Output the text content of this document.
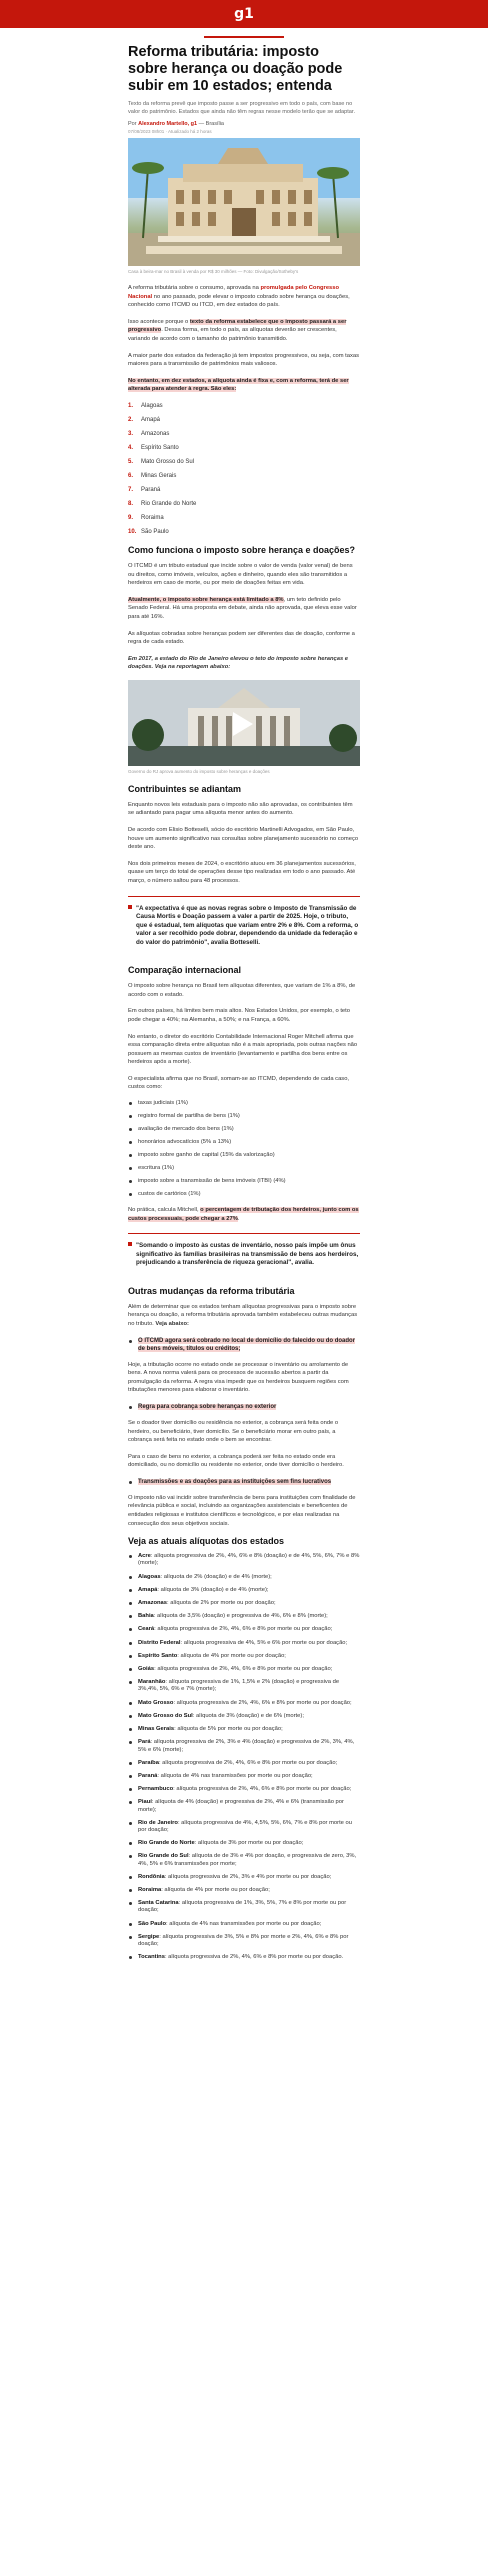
g1
Reforma tributária: imposto sobre herança ou doação pode subir em 10 estados; entenda
Texto da reforma prevê que imposto passe a ser progressivo em todo o país, com base no valor do patrimônio. Estados que ainda não têm regras nesse modelo terão que se adaptar.
Por Alexandro Martello, g1 — Brasília
07/08/2023 08h01 · Atualizado há 2 horas
Casa à beira-mar no Brasil à venda por R$ 30 milhões — Foto: Divulgação/Sotheby's

A reforma tributária sobre o consumo, aprovada na promulgada pelo Congresso Nacional no ano passado, pode elevar o imposto cobrado sobre herança ou doações, conhecido como ITCMD ou ITCD, em dez estados do país.

Isso acontece porque o texto da reforma estabelece que o imposto passará a ser progressivo. Dessa forma, em todo o país, as alíquotas deverão ser crescentes, variando de acordo com o tamanho do patrimônio transmitido.

A maior parte dos estados da federação já tem impostos progressivos, ou seja, com taxas maiores para a transmissão de patrimônios mais valiosos.

No entanto, em dez estados, a alíquota ainda é fixa e, com a reforma, terá de ser alterada para atender à regra. São eles:

1.	Alagoas
2.	Amapá
3.	Amazonas
4.	Espírito Santo
5.	Mato Grosso do Sul
6.	Minas Gerais
7.	Paraná
8.	Rio Grande do Norte
9.	Roraima
10. São Paulo
Como funciona o imposto sobre herança e doações?

O ITCMD é um tributo estadual que incide sobre o valor de venda (valor venal) de bens ou direitos, como imóveis, veículos, ações e dinheiro, quando eles são transmitidos a herdeiros em caso de morte, ou por meio de doações feitas em vida.

Atualmente, o imposto sobre herança está limitado a 8%, um teto definido pelo Senado Federal. Há uma proposta em debate, ainda não aprovada, que eleva esse valor para até 16%.

As alíquotas cobradas sobre heranças podem ser diferentes das de doação, conforme a regra de cada estado.

Em 2017, a estado do Rio de Janeiro elevou o teto do imposto sobre heranças e doações. Veja na reportagem abaixo:

Governo do RJ aprova aumento do imposto sobre heranças e doações
Contribuintes se adiantam

Enquanto novos leis estaduais para o imposto não são aprovadas, os contribuintes têm se adiantado para pagar uma alíquota menor antes do aumento.

De acordo com Elisio Botteselli, sócio do escritório Martinelli Advogados, em São Paulo, houve um aumento significativo nas consultas sobre planejamento sucessório no começo deste ano.

Nos dois primeiros meses de 2024, o escritório atuou em 36 planejamentos sucessórios, quase um terço do total de operações desse tipo realizadas em todo o ano passado. Até março, o número saltou para 48 processos.

"A expectativa é que as novas regras sobre o Imposto de Transmissão de Causa Mortis e Doação passem a valer a partir de 2025. Hoje, o tributo, que é estadual, tem alíquotas que variam entre 2% e 8%. Com a reforma, o valor a ser recolhido pode dobrar, dependendo da unidade da federação e do valor do patrimônio", avalia Botteselli.

Comparação internacional

O imposto sobre herança no Brasil tem alíquotas diferentes, que variam de 1% a 8%, de acordo com o estado.

Em outros países, há limites bem mais altos. Nos Estados Unidos, por exemplo, o teto pode chegar a 40%; na Alemanha, a 50%; e na França, a 60%.

No entanto, o diretor do escritório Contabilidade Internacional Roger Mitchell afirma que essa comparação direta entre alíquotas não é a mais apropriada, pois outras nações não possuem as mesmas custos de inventário (levantamento e partilha dos bens entre os herdeiros após a morte).

O especialista afirma que no Brasil, somam-se ao ITCMD, dependendo de cada caso, custos como:

taxas judiciais (1%)
registro formal de partilha de bens (1%)
avaliação de mercado dos bens (1%)
honorários advocatícios (5% a 13%)
imposto sobre ganho de capital (15% da valorização)
escritura (1%)
imposto sobre a transmissão de bens imóveis (ITBI) (4%)
custos de cartórios (1%)

No prática, calcula Mitchell, o percentagem de tributação dos herdeiros, junto com os custos processuais, pode chegar a 27%.

"Somando o imposto às custas de inventário, nosso país impõe um ônus significativo às famílias brasileiras na transmissão de bens aos herdeiros, prejudicando a transferência de riqueza geracional", avalia.

Outras mudanças da reforma tributária

Além de determinar que os estados tenham alíquotas progressivas para o imposto sobre herança ou doação, a reforma tributária aprovada também estabeleceu outras mudanças no tributo. Veja abaixo:

O ITCMD agora será cobrado no local de domicílio do falecido ou do doador de bens móveis, títulos ou créditos;

Hoje, a tributação ocorre no estado onde se processar o inventário ou arrolamento de bens. A nova norma valerá para os processos de sucessão abertos a partir da promulgação da reforma. A regra visa impedir que os herdeiros busquem regiões com tributações menores para elaborar o inventário.

Regra para cobrança sobre heranças no exterior

Se o doador tiver domicílio ou residência no exterior, a cobrança será feita onde o herdeiro, ou beneficiário, tiver domicílio. Se o beneficiário morar em outro país, a cobrança será feita no estado onde o bem se encontrar.

Para o caso de bens no exterior, a cobrança poderá ser feita no estado onde era domiciliado, ou no domicílio ou residente no exterior, onde tiver domicílio o herdeiro.

Transmissões e as doações para as instituições sem fins lucrativos

O imposto não vai incidir sobre transferência de bens para instituições com finalidade de relevância pública e social, incluindo as organizações assistenciais e beneficentes de entidades religiosas e institutos científicos e tecnológicos, e por elas realizadas na consecução dos seus objetivos sociais.

Veja as atuais alíquotas dos estados
Acre: alíquota progressiva de 2%, 4%, 6% e 8% (doação) e de 4%, 5%, 6%, 7% e 8% (morte);
Alagoas: alíquota de 2% (doação) e de 4% (morte);
Amapá: alíquota de 3% (doação) e de 4% (morte);
Amazonas: alíquota de 2% por morte ou por doação;
Bahia: alíquota de 3,5% (doação) e progressiva de 4%, 6% e 8% (morte);
Ceará: alíquota progressiva de 2%, 4%, 6% e 8% por morte ou por doação;
Distrito Federal: alíquota progressiva de 4%, 5% e 6% por morte ou por doação;
Espírito Santo: alíquota de 4% por morte ou por doação;
Goiás: alíquota progressiva de 2%, 4%, 6% e 8% por morte ou por doação;
Maranhão: alíquota progressiva de 1%, 1,5% e 2% (doação) e progressiva de 3%,4%, 5%, 6% e 7% (morte);
Mato Grosso: alíquota progressiva de 2%, 4%, 6% e 8% por morte ou por doação;
Mato Grosso do Sul: alíquota de 3% (doação) e de 6% (morte);
Minas Gerais: alíquota de 5% por morte ou por doação;
Pará: alíquota progressiva de 2%, 3% e 4% (doação) e progressiva de 2%, 3%, 4%, 5% e 6% (morte);
Paraíba: alíquota progressiva de 2%, 4%, 6% e 8% por morte ou por doação;
Paraná: alíquota de 4% nas transmissões por morte ou por doação;
Pernambuco: alíquota progressiva de 2%, 4%, 6% e 8% por morte ou por doação;
Piauí: alíquota de 4% (doação) e progressiva de 2%, 4% e 6% (transmissão por morte);
Rio de Janeiro: alíquota progressiva de 4%, 4,5%, 5%, 6%, 7% e 8% por morte ou por doação;
Rio Grande do Norte: alíquota de 3% por morte ou por doação;
Rio Grande do Sul: alíquota de de 3% e 4% por doação, e progressiva de zero, 3%, 4%, 5% e 6% transmissões por morte;
Rondônia: alíquota progressiva de 2%, 3% e 4% por morte ou por doação;
Roraima: alíquota de 4% por morte ou por doação;
Santa Catarina: alíquota progressiva de 1%, 3%, 5%, 7% e 8% por morte ou por doação;
São Paulo: alíquota de 4% nas transmissões por morte ou por doação;
Sergipe: alíquota progressiva de 3%, 5% e 8% por morte e 2%, 4%, 6% e 8% por doação;
Tocantins: alíquota progressiva de 2%, 4%, 6% e 8% por morte ou por doação.
